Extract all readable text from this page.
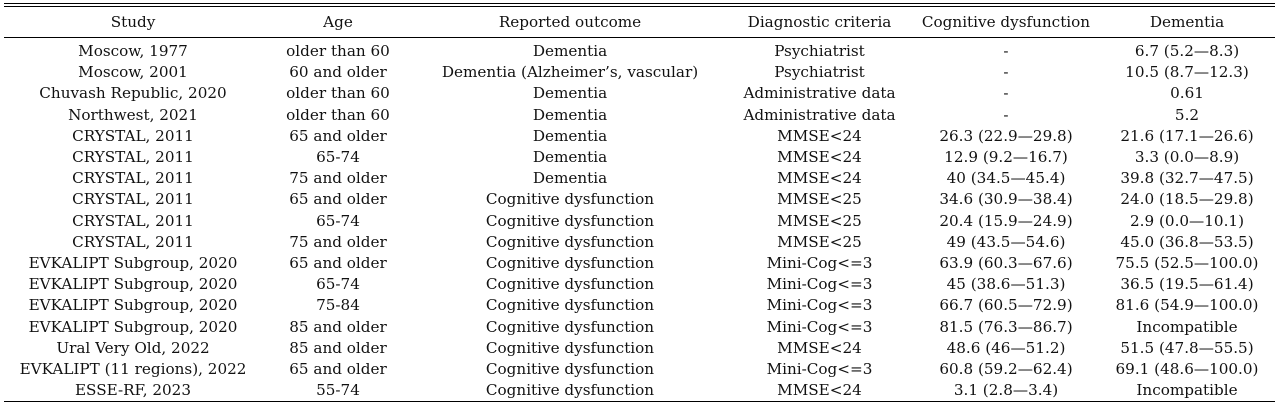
Study	Age	Reported outcome	Diagnostic criteria	Cognitive dysfunction	Dementia
Moscow, 1977	older than 60	Dementia	Psychiatrist	-	6.7 (5.2—8.3)
Moscow, 2001	60 and older	Dementia (Alzheimer’s, vascular)	Psychiatrist	-	10.5 (8.7—12.3)
Chuvash Republic, 2020	older than 60	Dementia	Administrative data	-	0.61
Northwest, 2021	older than 60	Dementia	Administrative data	-	5.2
CRYSTAL, 2011	65 and older	Dementia	MMSE<24	26.3 (22.9—29.8)	21.6 (17.1—26.6)
CRYSTAL, 2011	65-74	Dementia	MMSE<24	12.9 (9.2—16.7)	3.3 (0.0—8.9)
CRYSTAL, 2011	75 and older	Dementia	MMSE<24	40 (34.5—45.4)	39.8 (32.7—47.5)
CRYSTAL, 2011	65 and older	Cognitive dysfunction	MMSE<25	34.6 (30.9—38.4)	24.0 (18.5—29.8)
CRYSTAL, 2011	65-74	Cognitive dysfunction	MMSE<25	20.4 (15.9—24.9)	2.9 (0.0—10.1)
CRYSTAL, 2011	75 and older	Cognitive dysfunction	MMSE<25	49 (43.5—54.6)	45.0 (36.8—53.5)
EVKALIPT Subgroup, 2020	65 and older	Cognitive dysfunction	Mini-Cog<=3	63.9 (60.3—67.6)	75.5 (52.5—100.0)
EVKALIPT Subgroup, 2020	65-74	Cognitive dysfunction	Mini-Cog<=3	45 (38.6—51.3)	36.5 (19.5—61.4)
EVKALIPT Subgroup, 2020	75-84	Cognitive dysfunction	Mini-Cog<=3	66.7 (60.5—72.9)	81.6 (54.9—100.0)
EVKALIPT Subgroup, 2020	85 and older	Cognitive dysfunction	Mini-Cog<=3	81.5 (76.3—86.7)	Incompatible
Ural Very Old, 2022	85 and older	Cognitive dysfunction	MMSE<24	48.6 (46—51.2)	51.5 (47.8—55.5)
EVKALIPT (11 regions), 2022	65 and older	Cognitive dysfunction	Mini-Cog<=3	60.8 (59.2—62.4)	69.1 (48.6—100.0)
ESSE-RF, 2023	55-74	Cognitive dysfunction	MMSE<24	3.1 (2.8—3.4)	Incompatible
